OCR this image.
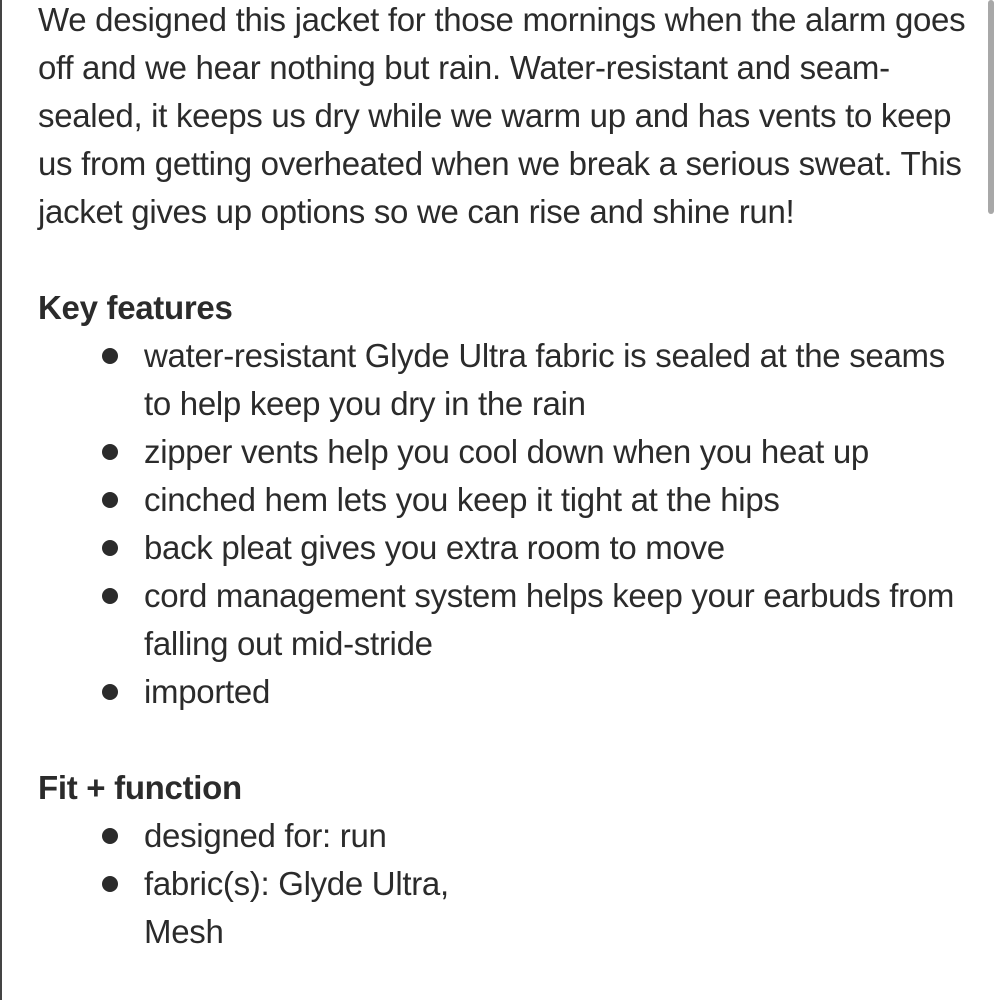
We designed this jacket for those mornings when the alarm goes off and we hear nothing but rain. Water-resistant and seam-sealed, it keeps us dry while we warm up and has vents to keep us from getting overheated when we break a serious sweat. This jacket gives up options so we can rise and shine run!

Key features
water-resistant Glyde Ultra fabric is sealed at the seams to help keep you dry in the rain
zipper vents help you cool down when you heat up
cinched hem lets you keep it tight at the hips
back pleat gives you extra room to move
cord management system helps keep your earbuds from falling out mid-stride
imported
Fit + function
designed for: run
fabric(s): Glyde Ultra, Mesh
